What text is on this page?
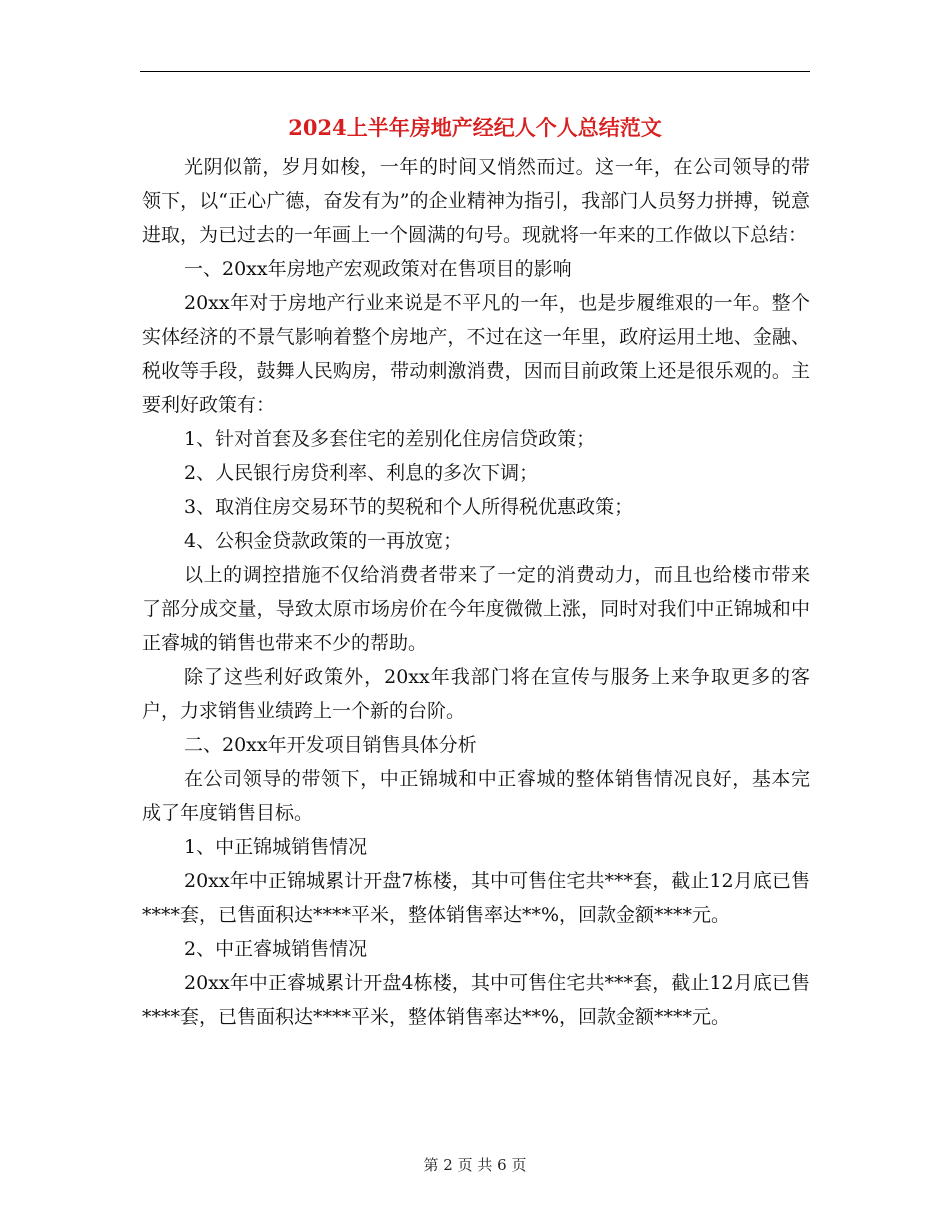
2024上半年房地产经纪人个人总结范文

光阴似箭，岁月如梭，一年的时间又悄然而过。这一年，在公司领导的带领下，以“正心广德，奋发有为”的企业精神为指引，我部门人员努力拼搏，锐意进取，为已过去的一年画上一个圆满的句号。现就将一年来的工作做以下总结：

一、20xx年房地产宏观政策对在售项目的影响

20xx年对于房地产行业来说是不平凡的一年，也是步履维艰的一年。整个实体经济的不景气影响着整个房地产，不过在这一年里，政府运用土地、金融、税收等手段，鼓舞人民购房，带动刺激消费，因而目前政策上还是很乐观的。主要利好政策有：

1、针对首套及多套住宅的差别化住房信贷政策；

2、人民银行房贷利率、利息的多次下调；

3、取消住房交易环节的契税和个人所得税优惠政策；

4、公积金贷款政策的一再放宽；

以上的调控措施不仅给消费者带来了一定的消费动力，而且也给楼市带来了部分成交量，导致太原市场房价在今年度微微上涨，同时对我们中正锦城和中正睿城的销售也带来不少的帮助。

除了这些利好政策外，20xx年我部门将在宣传与服务上来争取更多的客户，力求销售业绩跨上一个新的台阶。

二、20xx年开发项目销售具体分析

在公司领导的带领下，中正锦城和中正睿城的整体销售情况良好，基本完成了年度销售目标。

1、中正锦城销售情况

20xx年中正锦城累计开盘7栋楼，其中可售住宅共***套，截止12月底已售****套，已售面积达****平米，整体销售率达**%，回款金额****元。

2、中正睿城销售情况

20xx年中正睿城累计开盘4栋楼，其中可售住宅共***套，截止12月底已售****套，已售面积达****平米，整体销售率达**%，回款金额****元。

第 2 页 共 6 页
